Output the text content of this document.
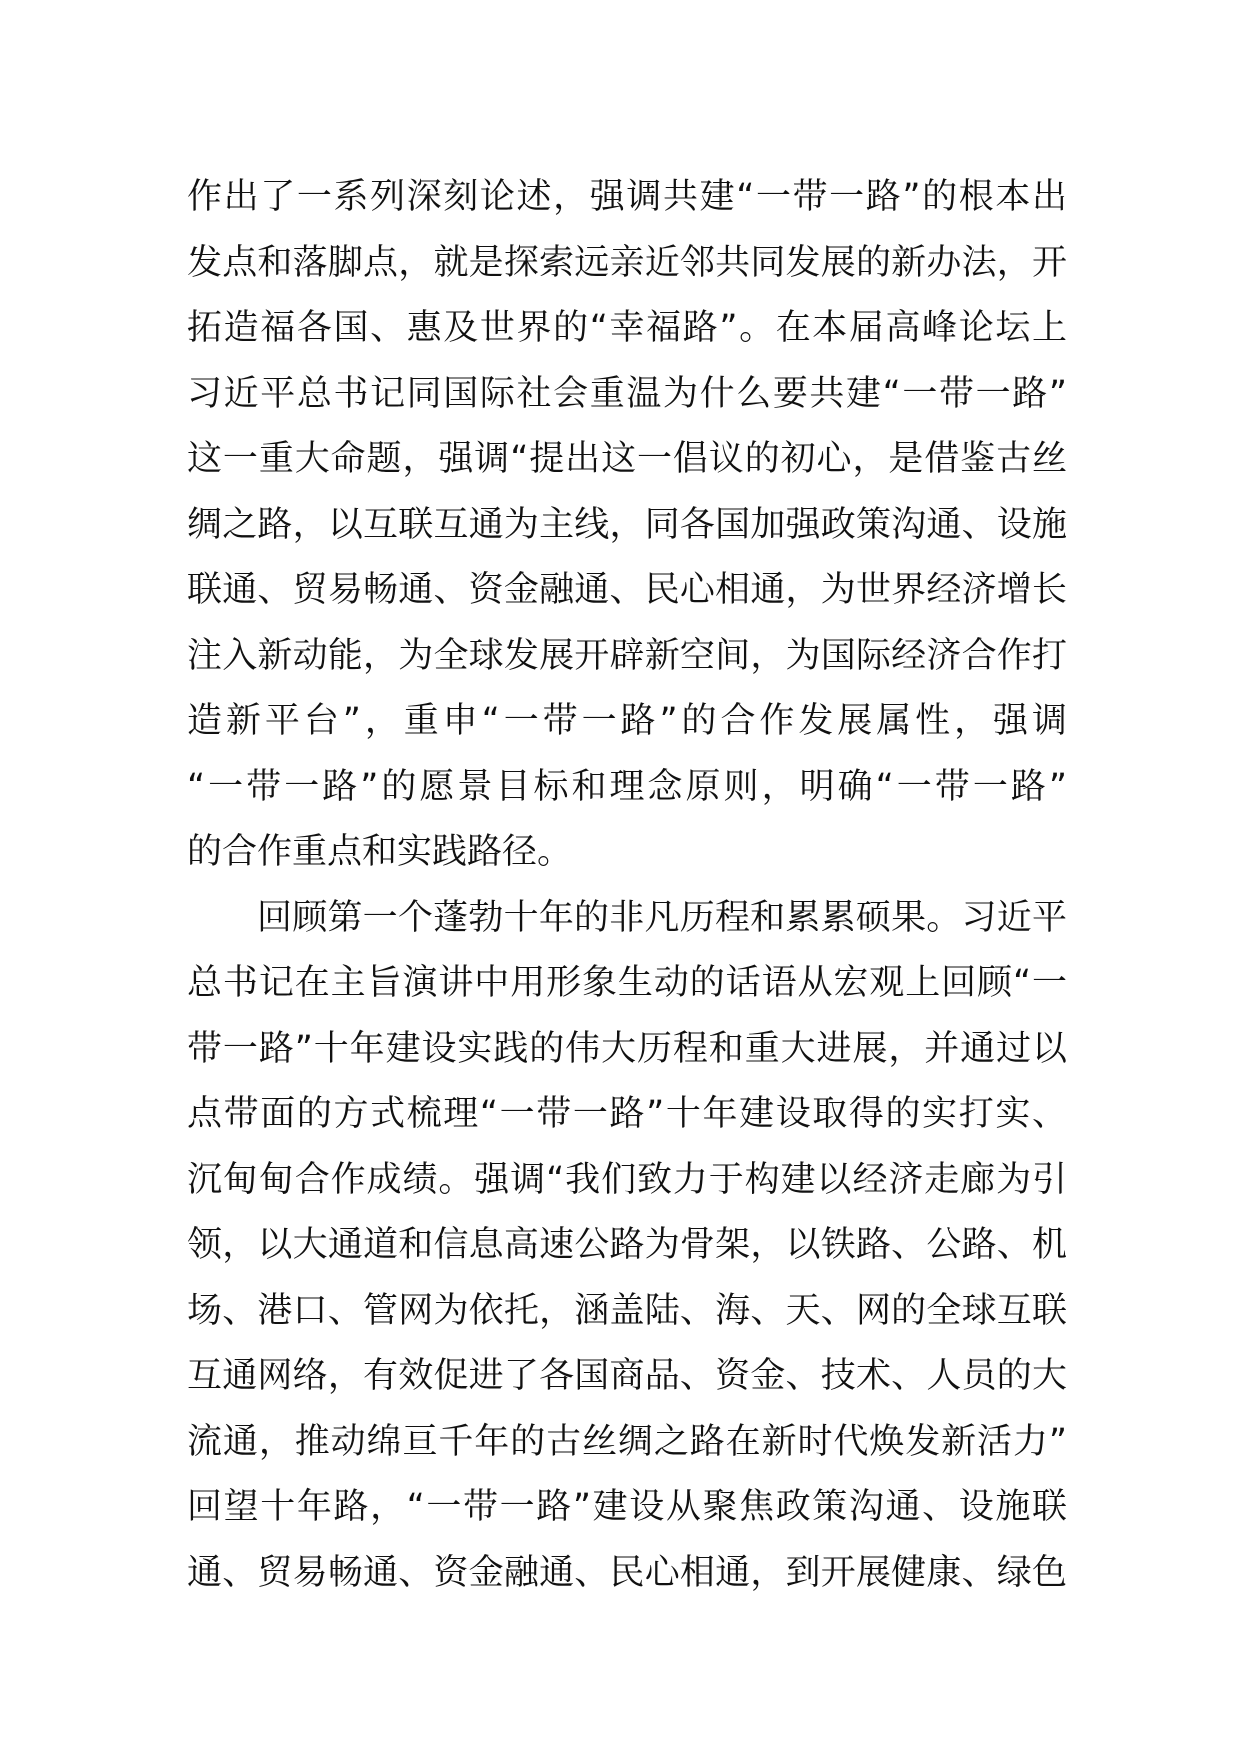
作出了一系列深刻论述，强调共建“一带一路”的根本出
发点和落脚点，就是探索远亲近邻共同发展的新办法，开
拓造福各国、惠及世界的“幸福路”。在本届高峰论坛上
习近平总书记同国际社会重温为什么要共建“一带一路”
这一重大命题，强调“提出这一倡议的初心，是借鉴古丝
绸之路，以互联互通为主线，同各国加强政策沟通、设施
联通、贸易畅通、资金融通、民心相通，为世界经济增长
注入新动能，为全球发展开辟新空间，为国际经济合作打
造新平台”，重申“一带一路”的合作发展属性，强调
“一带一路”的愿景目标和理念原则，明确“一带一路”
的合作重点和实践路径。
回顾第一个蓬勃十年的非凡历程和累累硕果。习近平
总书记在主旨演讲中用形象生动的话语从宏观上回顾“一
带一路”十年建设实践的伟大历程和重大进展，并通过以
点带面的方式梳理“一带一路”十年建设取得的实打实、
沉甸甸合作成绩。强调“我们致力于构建以经济走廊为引
领，以大通道和信息高速公路为骨架，以铁路、公路、机
场、港口、管网为依托，涵盖陆、海、天、网的全球互联
互通网络，有效促进了各国商品、资金、技术、人员的大
流通，推动绵亘千年的古丝绸之路在新时代焕发新活力”
回望十年路，“一带一路”建设从聚焦政策沟通、设施联
通、贸易畅通、资金融通、民心相通，到开展健康、绿色
